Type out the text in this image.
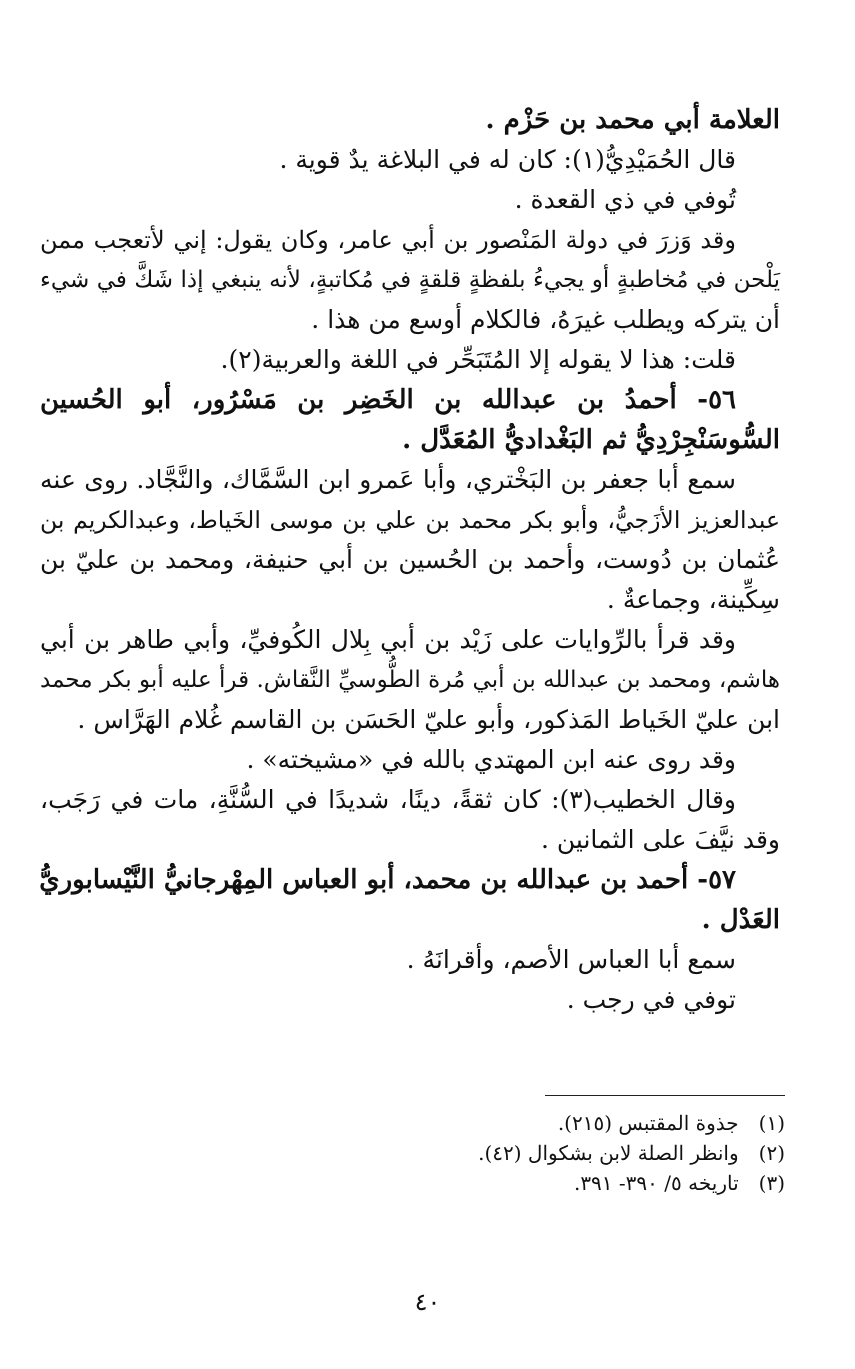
العلامة أبي محمد بن حَزْم .
قال الحُمَيْدِيُّ(١): كان له في البلاغة يدٌ قوية .
تُوفي في ذي القعدة .
وقد وَزرَ في دولة المَنْصور بن أبي عامر، وكان يقول: إني لأتعجب ممن
يَلْحن في مُخاطبةٍ أو يجيءُ بلفظةٍ قلقةٍ في مُكاتبةٍ، لأنه ينبغي إذا شَكَّ في شيء
أن يتركه ويطلب غيرَهُ، فالكلام أوسع من هذا .
قلت: هذا لا يقوله إلا المُتَبَحِّر في اللغة والعربية(٢).
٥٦- أحمدُ بن عبدالله بن الخَضِر بن مَسْرُور، أبو الحُسين
السُّوسَنْجِرْدِيُّ ثم البَغْداديُّ المُعَدَّل .
سمع أبا جعفر بن البَخْتري، وأبا عَمرو ابن السَّمَّاك، والنَّجَّاد. روى عنه
عبدالعزيز الأزَجيُّ، وأبو بكر محمد بن علي بن موسى الخَياط، وعبدالكريم بن
عُثمان بن دُوست، وأحمد بن الحُسين بن أبي حنيفة، ومحمد بن عليّ بن
سِكِّينة، وجماعةٌ .
وقد قرأ بالرِّوايات على زَيْد بن أبي بِلال الكُوفيِّ، وأبي طاهر بن أبي
هاشم، ومحمد بن عبدالله بن أبي مُرة الطُّوسيِّ النَّقاش. قرأ عليه أبو بكر محمد
ابن عليّ الخَياط المَذكور، وأبو عليّ الحَسَن بن القاسم غُلام الهَرَّاس .
وقد روى عنه ابن المهتدي بالله في «مشيخته» .
وقال الخطيب(٣): كان ثقةً، دينًا، شديدًا في السُّنَّةِ، مات في رَجَب،
وقد نيَّفَ على الثمانين .
٥٧- أحمد بن عبدالله بن محمد، أبو العباس المِهْرجانيُّ النَّيْسابوريُّ
العَدْل .
سمع أبا العباس الأصم، وأقرانَهُ .
توفي في رجب .
(١) جذوة المقتبس (٢١٥).
(٢) وانظر الصلة لابن بشكوال (٤٢).
(٣) تاريخه ٥/ ٣٩٠- ٣٩١.
٤٠
